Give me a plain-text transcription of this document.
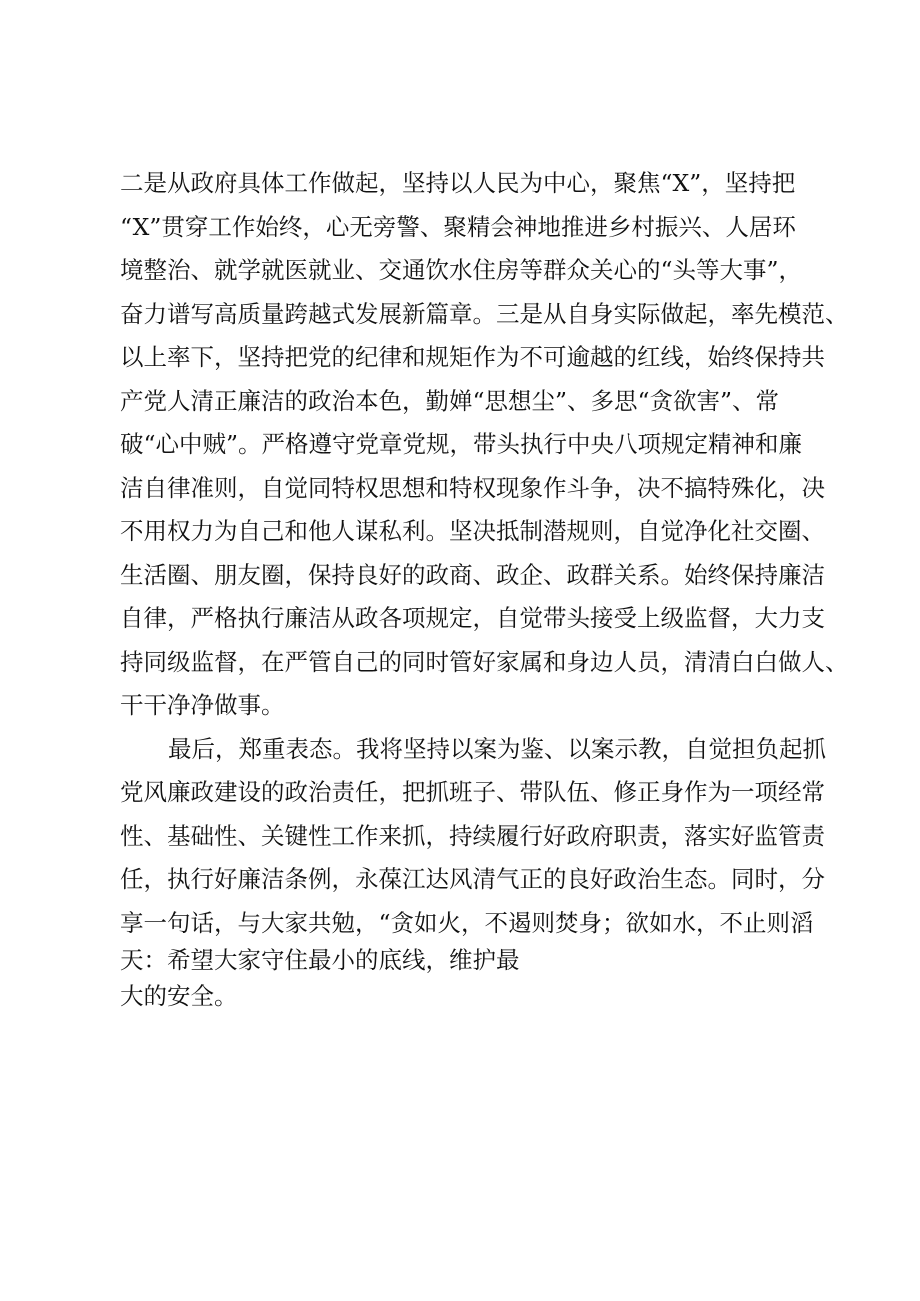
二是从政府具体工作做起，坚持以人民为中心，聚焦“X”，坚持把
“X”贯穿工作始终，心无旁警、聚精会神地推进乡村振兴、人居环
境整治、就学就医就业、交通饮水住房等群众关心的“头等大事”，
奋力谱写高质量跨越式发展新篇章。三是从自身实际做起，率先模范、
以上率下，坚持把党的纪律和规矩作为不可逾越的红线，始终保持共
产党人清正廉洁的政治本色，勤婵“思想尘”、多思“贪欲害”、常
破“心中贼”。严格遵守党章党规，带头执行中央八项规定精神和廉
洁自律准则，自觉同特权思想和特权现象作斗争，决不搞特殊化，决
不用权力为自己和他人谋私利。坚决抵制潜规则，自觉净化社交圈、
生活圈、朋友圈，保持良好的政商、政企、政群关系。始终保持廉洁
自律，严格执行廉洁从政各项规定，自觉带头接受上级监督，大力支
持同级监督，在严管自己的同时管好家属和身边人员，清清白白做人、
干干净净做事。
最后，郑重表态。我将坚持以案为鉴、以案示教，自觉担负起抓
党风廉政建设的政治责任，把抓班子、带队伍、修正身作为一项经常
性、基础性、关键性工作来抓，持续履行好政府职责，落实好监管责
任，执行好廉洁条例，永葆江达风清气正的良好政治生态。同时，分
享一句话，与大家共勉，“贪如火，不遏则焚身；欲如水，不止则滔
天：希望大家守住最小的底线，维护最
大的安全。
